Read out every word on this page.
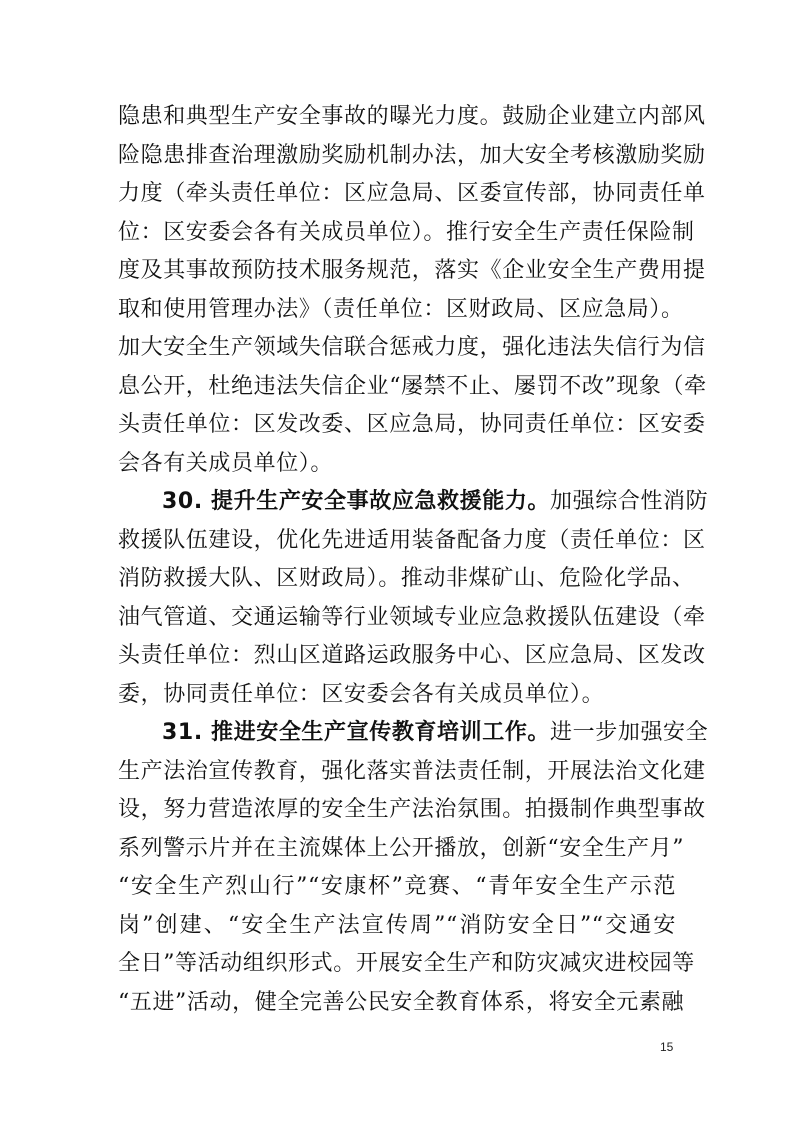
隐患和典型生产安全事故的曝光力度。鼓励企业建立内部风
险隐患排查治理激励奖励机制办法，加大安全考核激励奖励
力度（牵头责任单位：区应急局、区委宣传部，协同责任单
位：区安委会各有关成员单位）。推行安全生产责任保险制
度及其事故预防技术服务规范，落实《企业安全生产费用提
取和使用管理办法》（责任单位：区财政局、区应急局）。
加大安全生产领域失信联合惩戒力度，强化违法失信行为信
息公开，杜绝违法失信企业“屡禁不止、屡罚不改”现象（牵
头责任单位：区发改委、区应急局，协同责任单位：区安委
会各有关成员单位）。
30. 提升生产安全事故应急救援能力。加强综合性消防
救援队伍建设，优化先进适用装备配备力度（责任单位：区
消防救援大队、区财政局）。推动非煤矿山、危险化学品、
油气管道、交通运输等行业领域专业应急救援队伍建设（牵
头责任单位：烈山区道路运政服务中心、区应急局、区发改
委，协同责任单位：区安委会各有关成员单位）。
31. 推进安全生产宣传教育培训工作。进一步加强安全
生产法治宣传教育，强化落实普法责任制，开展法治文化建
设，努力营造浓厚的安全生产法治氛围。拍摄制作典型事故
系列警示片并在主流媒体上公开播放，创新“安全生产月”
“安全生产烈山行”“安康杯”竞赛、“青年安全生产示范
岗”创建、“安全生产法宣传周”“消防安全日”“交通安
全日”等活动组织形式。开展安全生产和防灾减灾进校园等
“五进”活动，健全完善公民安全教育体系，将安全元素融
15
